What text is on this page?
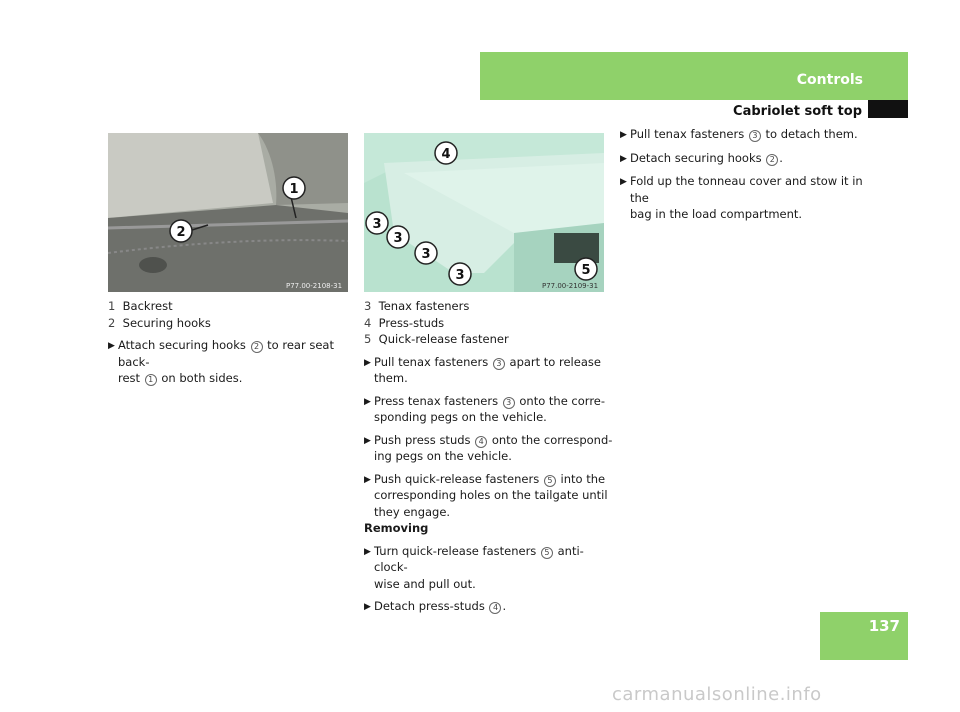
Controls
Cabriolet soft top
1
2
P77.00-2108-31
4
3
3
3
3	5
P77.00-2109-31

1
Backrest

2
Securing hooks

▶ Attach securing hooks 2 to rear seat back-
rest 1 on both sides.

3
Tenax fasteners

4
Press-studs

5
Quick-release fastener

▶ Pull tenax fasteners 3 apart to release
them.
▶ Press tenax fasteners 3 onto the corre-
sponding pegs on the vehicle.
▶ Push press studs 4 onto the correspond-
ing pegs on the vehicle.
▶ Push quick-release fasteners 5 into the
corresponding holes on the tailgate until
they engage.

Removing

▶ Turn quick-release fasteners 5 anti-clock-
wise and pull out.
▶ Detach press-studs 4 .
▶ Pull tenax fasteners 3 to detach them.
▶ Detach securing hooks 2 .
▶ Fold up the tonneau cover and stow it in the
bag in the load compartment.
137
carmanualsonline.info
